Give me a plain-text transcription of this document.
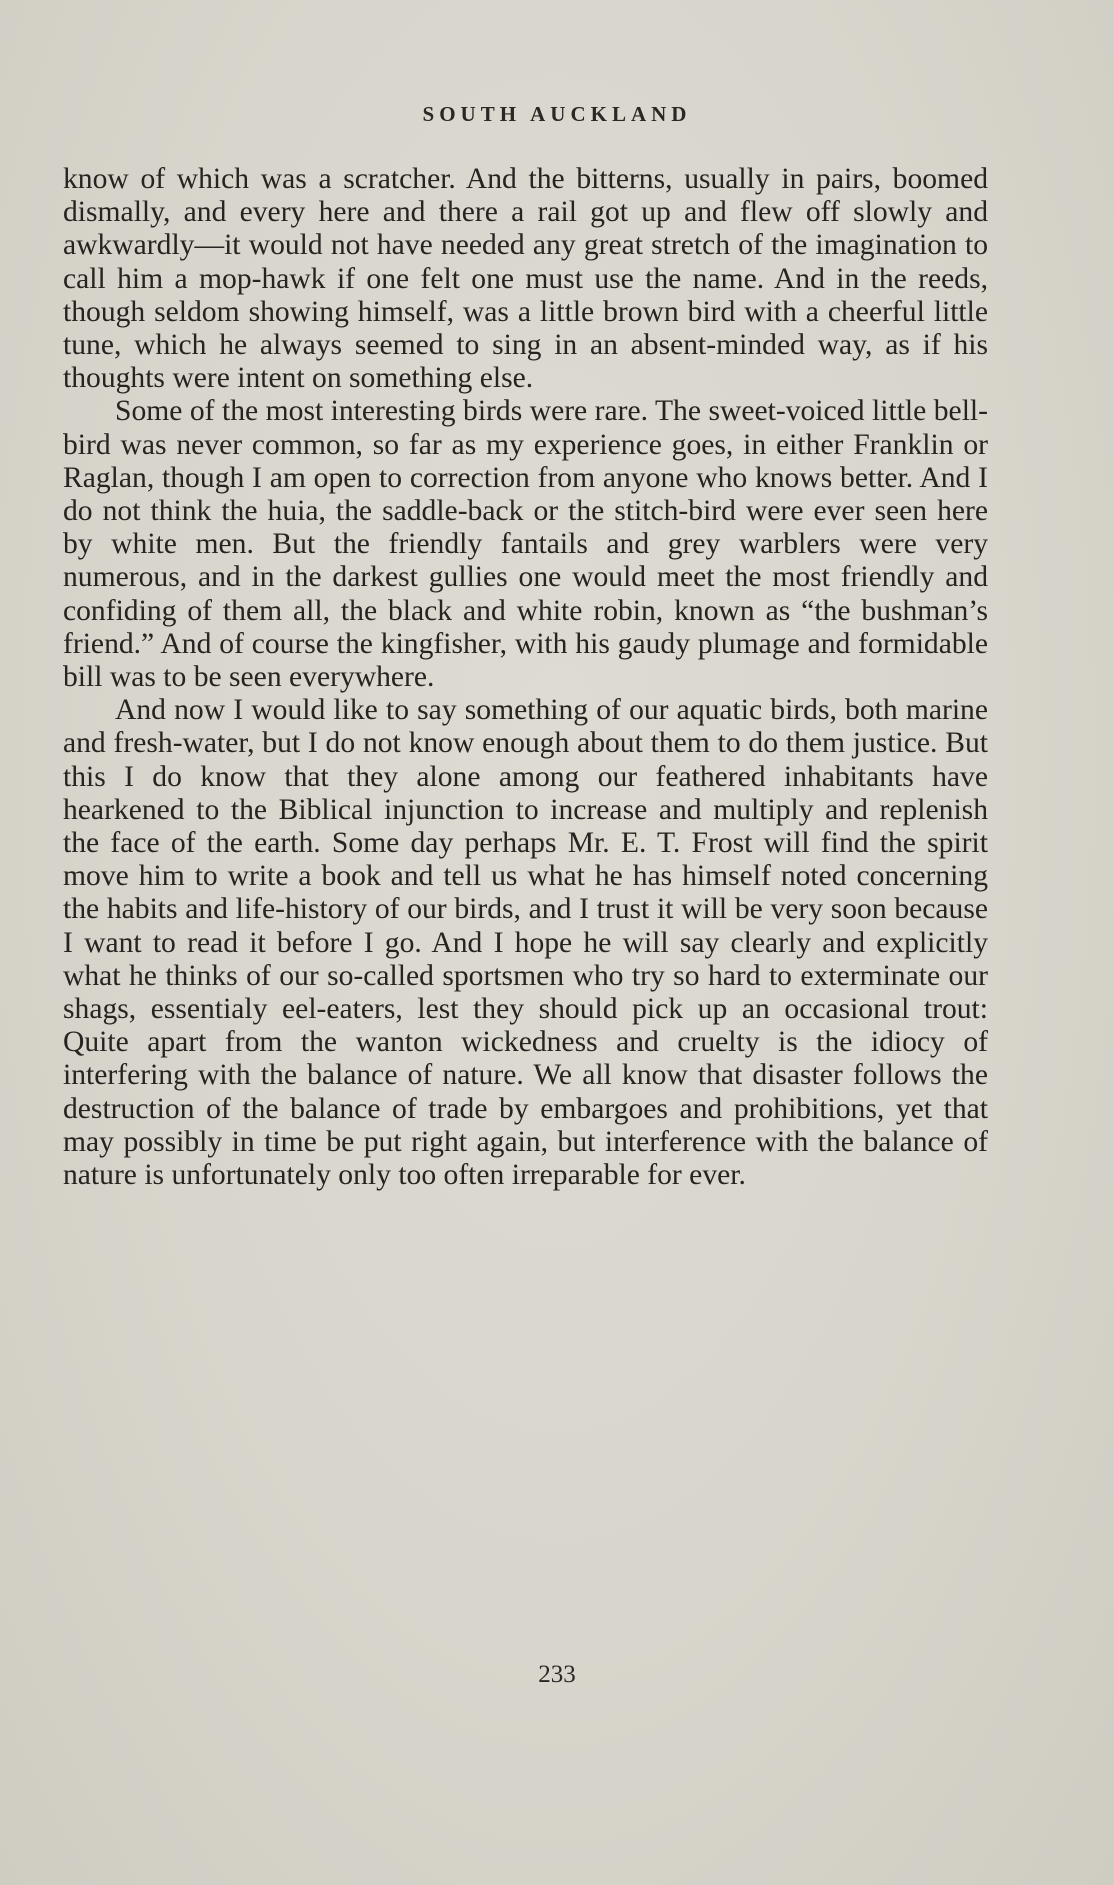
SOUTH AUCKLAND

know of which was a scratcher. And the bitterns, usually in pairs, boomed dismally, and every here and there a rail got up and flew off slowly and awkwardly—it would not have needed any great stretch of the imagination to call him a mop-hawk if one felt one must use the name. And in the reeds, though seldom showing himself, was a little brown bird with a cheerful little tune, which he always seemed to sing in an absent-minded way, as if his thoughts were intent on something else.

Some of the most interesting birds were rare. The sweet-voiced little bell-bird was never common, so far as my experience goes, in either Franklin or Raglan, though I am open to correction from anyone who knows better. And I do not think the huia, the saddle-back or the stitch-bird were ever seen here by white men. But the friendly fantails and grey warblers were very numerous, and in the darkest gullies one would meet the most friendly and confiding of them all, the black and white robin, known as “the bushman’s friend.” And of course the kingfisher, with his gaudy plumage and formidable bill was to be seen everywhere.

And now I would like to say something of our aquatic birds, both marine and fresh-water, but I do not know enough about them to do them justice. But this I do know that they alone among our feathered inhabitants have hearkened to the Biblical injunction to increase and multiply and replenish the face of the earth. Some day perhaps Mr. E. T. Frost will find the spirit move him to write a book and tell us what he has himself noted concerning the habits and life-history of our birds, and I trust it will be very soon because I want to read it before I go. And I hope he will say clearly and explicitly what he thinks of our so-called sportsmen who try so hard to exterminate our shags, essentialy eel-eaters, lest they should pick up an occasional trout: Quite apart from the wanton wickedness and cruelty is the idiocy of interfering with the balance of nature. We all know that disaster follows the destruction of the balance of trade by embargoes and prohibitions, yet that may possibly in time be put right again, but interference with the balance of nature is unfortunately only too often irreparable for ever.

233
